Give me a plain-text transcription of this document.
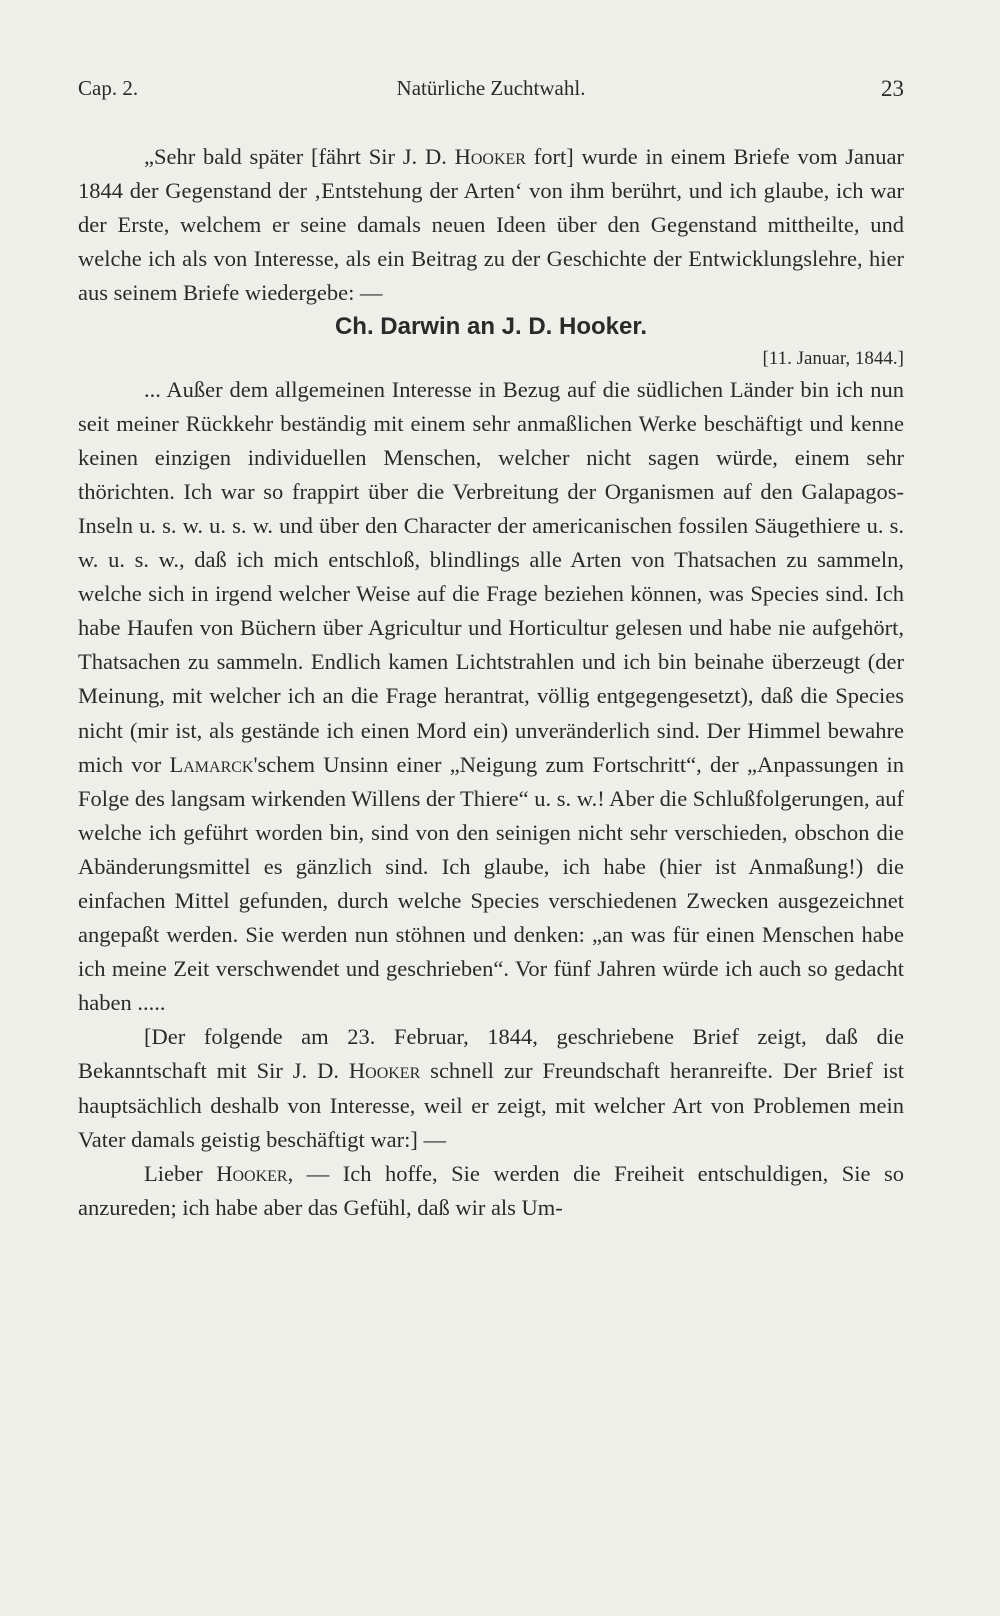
Cap. 2.	Natürliche Zuchtwahl.	23

„Sehr bald später [fährt Sir J. D. Hooker fort] wurde in einem Briefe vom Januar 1844 der Gegenstand der ‚Entstehung der Arten‘ von ihm berührt, und ich glaube, ich war der Erste, welchem er seine damals neuen Ideen über den Gegenstand mittheilte, und welche ich als von Interesse, als ein Beitrag zu der Geschichte der Entwicklungslehre, hier aus seinem Briefe wiedergebe: —

Ch. Darwin an J. D. Hooker.

[11. Januar, 1844.]

... Außer dem allgemeinen Interesse in Bezug auf die südlichen Länder bin ich nun seit meiner Rückkehr beständig mit einem sehr anmaßlichen Werke beschäftigt und kenne keinen einzigen individuellen Menschen, welcher nicht sagen würde, einem sehr thörichten. Ich war so frappirt über die Verbreitung der Organismen auf den Galapagos-Inseln u. s. w. u. s. w. und über den Character der americanischen fossilen Säugethiere u. s. w. u. s. w., daß ich mich entschloß, blindlings alle Arten von Thatsachen zu sammeln, welche sich in irgend welcher Weise auf die Frage beziehen können, was Species sind. Ich habe Haufen von Büchern über Agricultur und Horticultur gelesen und habe nie aufgehört, Thatsachen zu sammeln. Endlich kamen Lichtstrahlen und ich bin beinahe überzeugt (der Meinung, mit welcher ich an die Frage herantrat, völlig entgegengesetzt), daß die Species nicht (mir ist, als gestände ich einen Mord ein) unveränderlich sind. Der Himmel bewahre mich vor Lamarck'schem Unsinn einer „Neigung zum Fortschritt“, der „Anpassungen in Folge des langsam wirkenden Willens der Thiere“ u. s. w.! Aber die Schlußfolgerungen, auf welche ich geführt worden bin, sind von den seinigen nicht sehr verschieden, obschon die Abänderungsmittel es gänzlich sind. Ich glaube, ich habe (hier ist Anmaßung!) die einfachen Mittel gefunden, durch welche Species verschiedenen Zwecken ausgezeichnet angepaßt werden. Sie werden nun stöhnen und denken: „an was für einen Menschen habe ich meine Zeit verschwendet und geschrieben“. Vor fünf Jahren würde ich auch so gedacht haben .....

[Der folgende am 23. Februar, 1844, geschriebene Brief zeigt, daß die Bekanntschaft mit Sir J. D. Hooker schnell zur Freundschaft heranreifte. Der Brief ist hauptsächlich deshalb von Interesse, weil er zeigt, mit welcher Art von Problemen mein Vater damals geistig beschäftigt war:] —

Lieber Hooker, — Ich hoffe, Sie werden die Freiheit entschuldigen, Sie so anzureden; ich habe aber das Gefühl, daß wir als Um-
